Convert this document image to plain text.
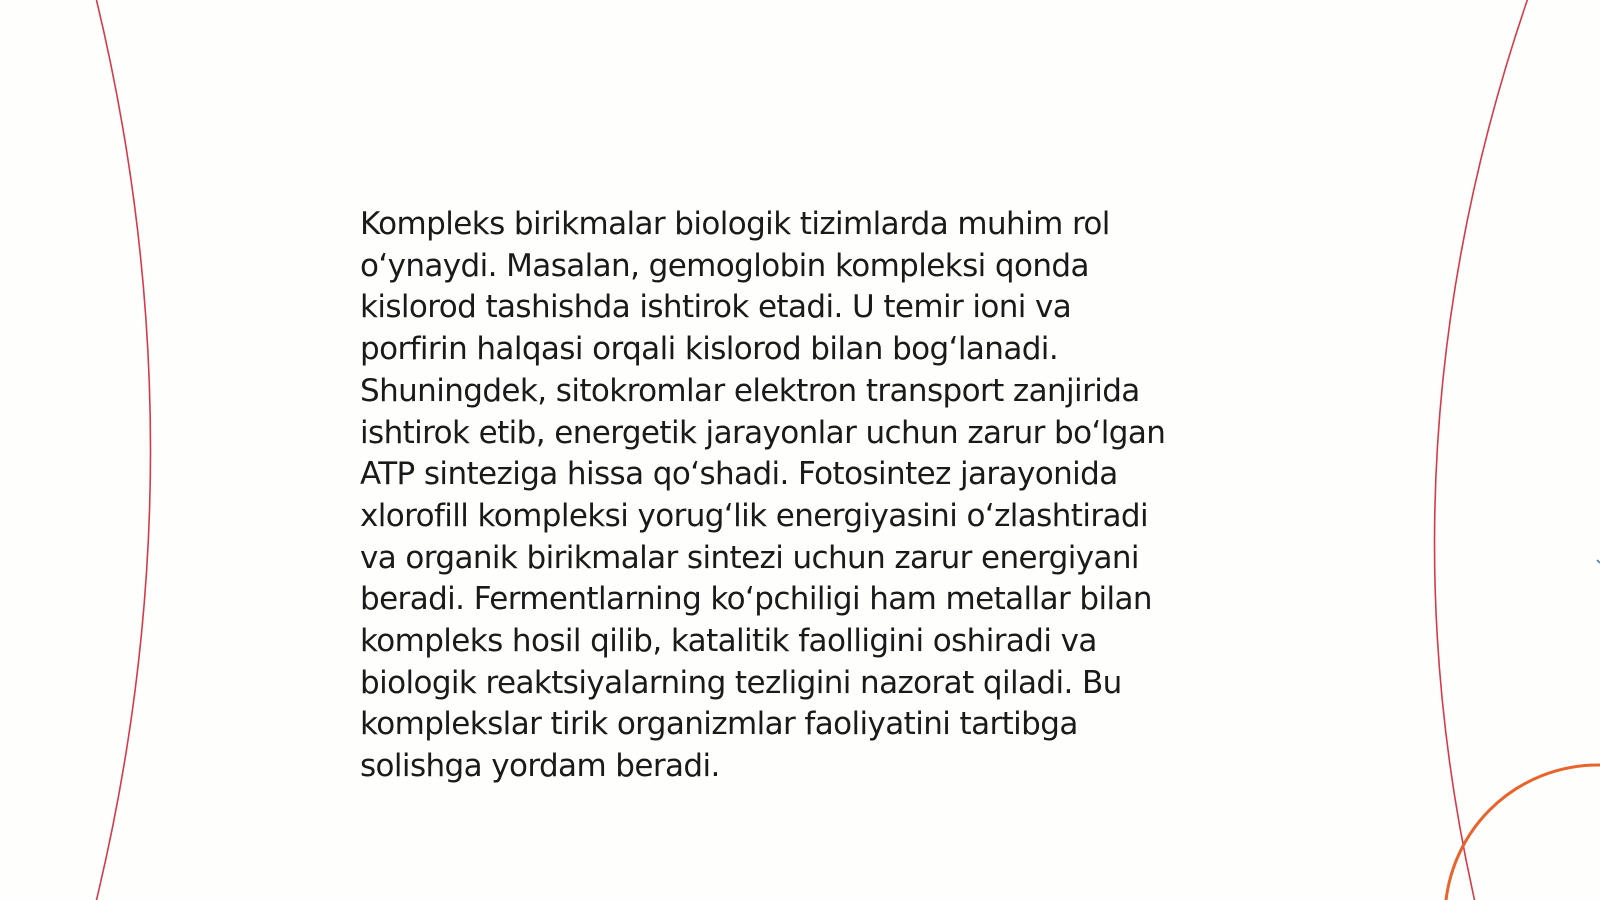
Kompleks birikmalar biologik tizimlarda muhim rol
oʻynaydi. Masalan, gemoglobin kompleksi qonda
kislorod tashishda ishtirok etadi. U temir ioni va
porfirin halqasi orqali kislorod bilan bogʻlanadi.
Shuningdek, sitokromlar elektron transport zanjirida
ishtirok etib, energetik jarayonlar uchun zarur boʻlgan
ATP sinteziga hissa qoʻshadi. Fotosintez jarayonida
xlorofill kompleksi yorugʻlik energiyasini oʻzlashtiradi
va organik birikmalar sintezi uchun zarur energiyani
beradi. Fermentlarning koʻpchiligi ham metallar bilan
kompleks hosil qilib, katalitik faolligini oshiradi va
biologik reaktsiyalarning tezligini nazorat qiladi. Bu
komplekslar tirik organizmlar faoliyatini tartibga
solishga yordam beradi.
